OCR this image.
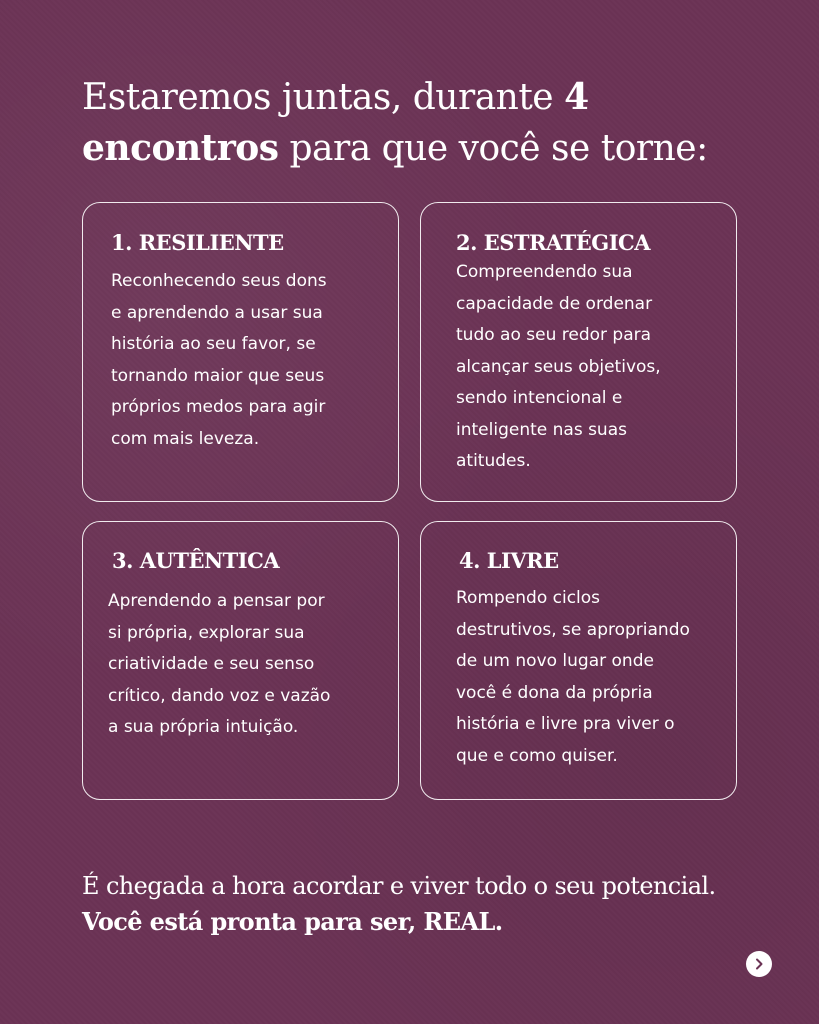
Estaremos juntas, durante 4 encontros para que você se torne:
1. RESILIENTE
Reconhecendo seus dons
e aprendendo a usar sua
história ao seu favor, se
tornando maior que seus
próprios medos para agir
com mais leveza.
2. ESTRATÉGICA
Compreendendo sua
capacidade de ordenar
tudo ao seu redor para
alcançar seus objetivos,
sendo intencional e
inteligente nas suas
atitudes.
3. AUTÊNTICA
Aprendendo a pensar por
si própria, explorar sua
criatividade e seu senso
crítico, dando voz e vazão
a sua própria intuição.
4. LIVRE
Rompendo ciclos
destrutivos, se apropriando
de um novo lugar onde
você é dona da própria
história e livre pra viver o
que e como quiser.
É chegada a hora acordar e viver todo o seu potencial.
Você está pronta para ser, REAL.
